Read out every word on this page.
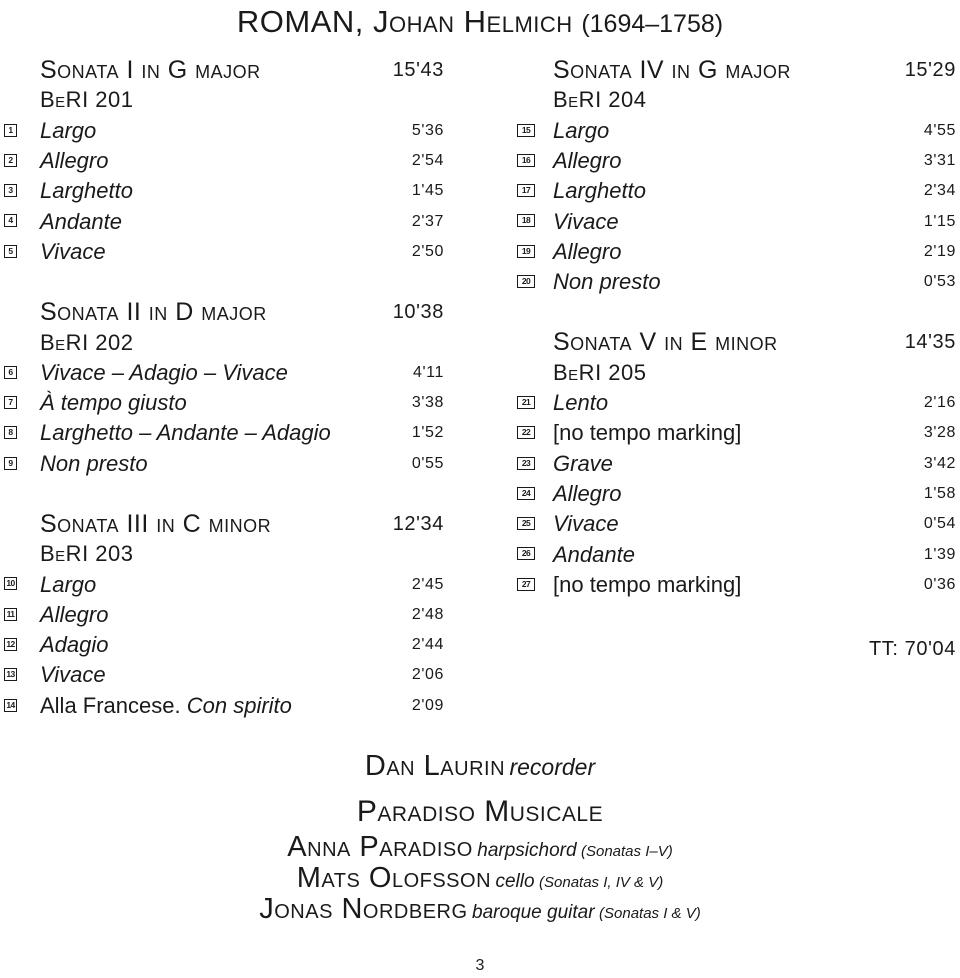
ROMAN, Johan Helmich (1694–1758)
Sonata I in G major	15'43
BeRI 201
1 Largo	5'36
2 Allegro	2'54
3 Larghetto	1'45
4 Andante	2'37
5 Vivace	2'50
Sonata II in D major	10'38
BeRI 202
6 Vivace – Adagio – Vivace	4'11
7 À tempo giusto	3'38
8 Larghetto – Andante – Adagio	1'52
9 Non presto	0'55
Sonata III in C minor	12'34
BeRI 203
10 Largo	2'45
11 Allegro	2'48
12 Adagio	2'44
13 Vivace	2'06
14 Alla Francese. Con spirito	2'09
Sonata IV in G major	15'29
BeRI 204
15 Largo	4'55
16 Allegro	3'31
17 Larghetto	2'34
18 Vivace	1'15
19 Allegro	2'19
20 Non presto	0'53
Sonata V in E minor	14'35
BeRI 205
21 Lento	2'16
22 [no tempo marking]	3'28
23 Grave	3'42
24 Allegro	1'58
25 Vivace	0'54
26 Andante	1'39
27 [no tempo marking]	0'36
TT: 70'04
Dan Laurin recorder
Paradiso Musicale
Anna Paradiso harpsichord (Sonatas I–V)
Mats Olofsson cello (Sonatas I, IV & V)
Jonas Nordberg baroque guitar (Sonatas I & V)
3
